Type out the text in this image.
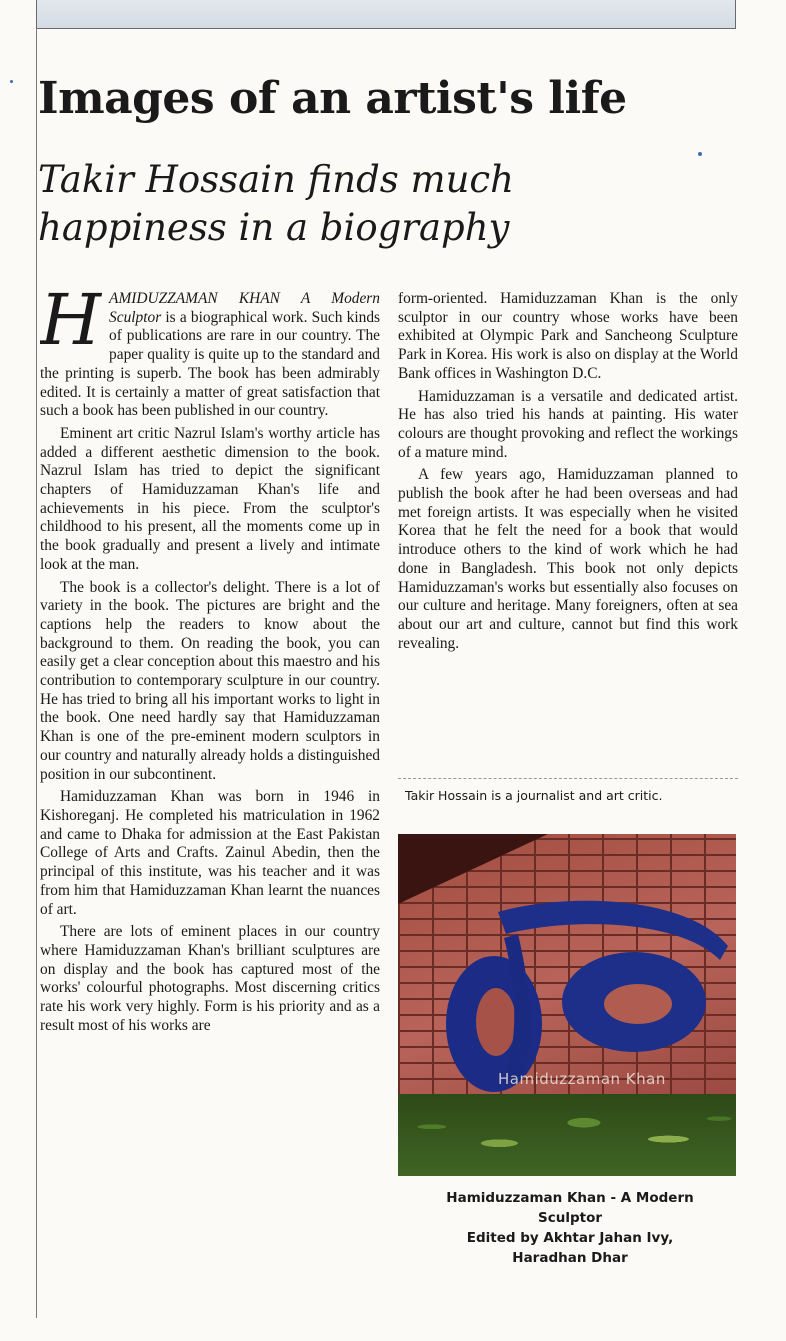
Images of an artist's life
Takir Hossain finds much happiness in a biography

HAMIDUZZAMAN KHAN A Modern Sculptor is a biographical work. Such kinds of publications are rare in our country. The paper quality is quite up to the standard and the printing is superb. The book has been admirably edited. It is certainly a matter of great satisfaction that such a book has been published in our country.

Eminent art critic Nazrul Islam's worthy article has added a different aesthetic dimension to the book. Nazrul Islam has tried to depict the significant chapters of Hamiduzzaman Khan's life and achievements in his piece. From the sculptor's childhood to his present, all the moments come up in the book gradually and present a lively and intimate look at the man.

The book is a collector's delight. There is a lot of variety in the book. The pictures are bright and the captions help the readers to know about the background to them. On reading the book, you can easily get a clear conception about this maestro and his contribution to contemporary sculpture in our country. He has tried to bring all his important works to light in the book. One need hardly say that Hamiduzzaman Khan is one of the pre-eminent modern sculptors in our country and naturally already holds a distinguished position in our subcontinent.

Hamiduzzaman Khan was born in 1946 in Kishoreganj. He completed his matriculation in 1962 and came to Dhaka for admission at the East Pakistan College of Arts and Crafts. Zainul Abedin, then the principal of this institute, was his teacher and it was from him that Hamiduzzaman Khan learnt the nuances of art.

There are lots of eminent places in our country where Hamiduzzaman Khan's brilliant sculptures are on display and the book has captured most of the works' colourful photographs. Most discerning critics rate his work very highly. Form is his priority and as a result most of his works are

form-oriented. Hamiduzzaman Khan is the only sculptor in our country whose works have been exhibited at Olympic Park and Sancheong Sculpture Park in Korea. His work is also on display at the World Bank offices in Washington D.C.

Hamiduzzaman is a versatile and dedicated artist. He has also tried his hands at painting. His water colours are thought provoking and reflect the workings of a mature mind.

A few years ago, Hamiduzzaman planned to publish the book after he had been overseas and had met foreign artists. It was especially when he visited Korea that he felt the need for a book that would introduce others to the kind of work which he had done in Bangladesh. This book not only depicts Hamiduzzaman's works but essentially also focuses on our culture and heritage. Many foreigners, often at sea about our art and culture, cannot but find this work revealing.

Takir Hossain is a journalist and art critic.

Hamiduzzaman Khan

Hamiduzzaman Khan - A Modern
Sculptor
Edited by Akhtar Jahan Ivy,
Haradhan Dhar
